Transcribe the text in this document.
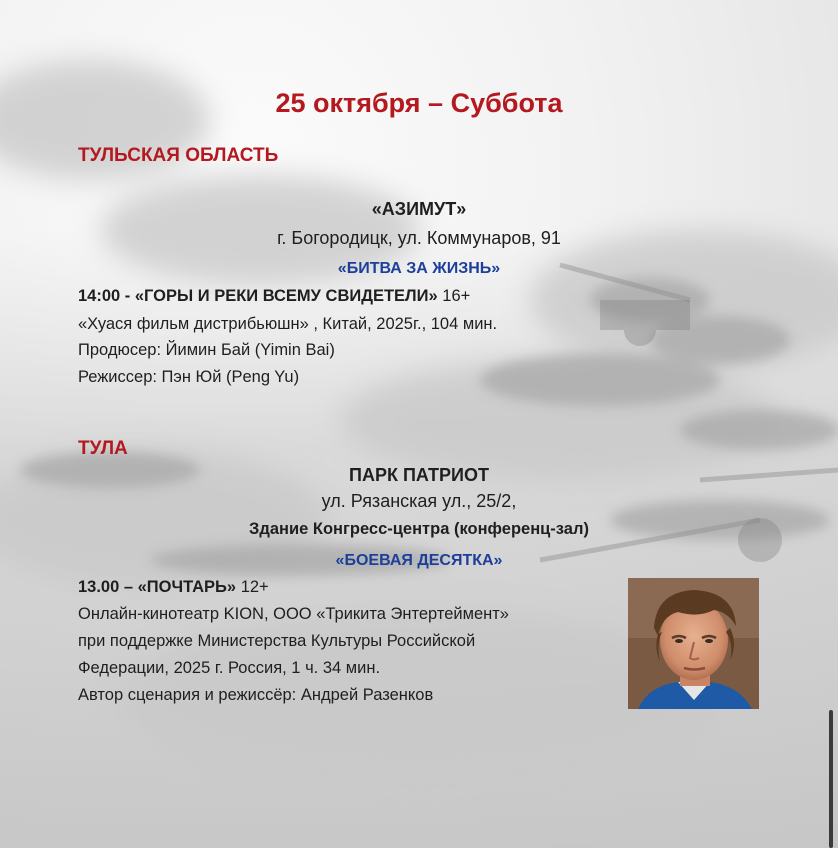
25 октября – Суббота
ТУЛЬСКАЯ ОБЛАСТЬ
«АЗИМУТ»
г. Богородицк, ул. Коммунаров, 91
«БИТВА ЗА ЖИЗНЬ»
14:00 - «ГОРЫ И РЕКИ ВСЕМУ СВИДЕТЕЛИ» 16+
«Хуася фильм дистрибьюшн» , Китай, 2025г., 104 мин.
Продюсер: Йимин Бай (Yimin Bai)
Режиссер: Пэн Юй (Peng Yu)
ТУЛА
ПАРК ПАТРИОТ
ул. Рязанская ул., 25/2,
Здание Конгресс-центра (конференц-зал)
«БОЕВАЯ ДЕСЯТКА»
13.00 – «ПОЧТАРЬ» 12+
Онлайн-кинотеатр KION, ООО «Трикита Энтертеймент»
при поддержке Министерства Культуры Российской
Федерации, 2025 г. Россия, 1 ч. 34 мин.
Автор сценария и режиссёр: Андрей Разенков
